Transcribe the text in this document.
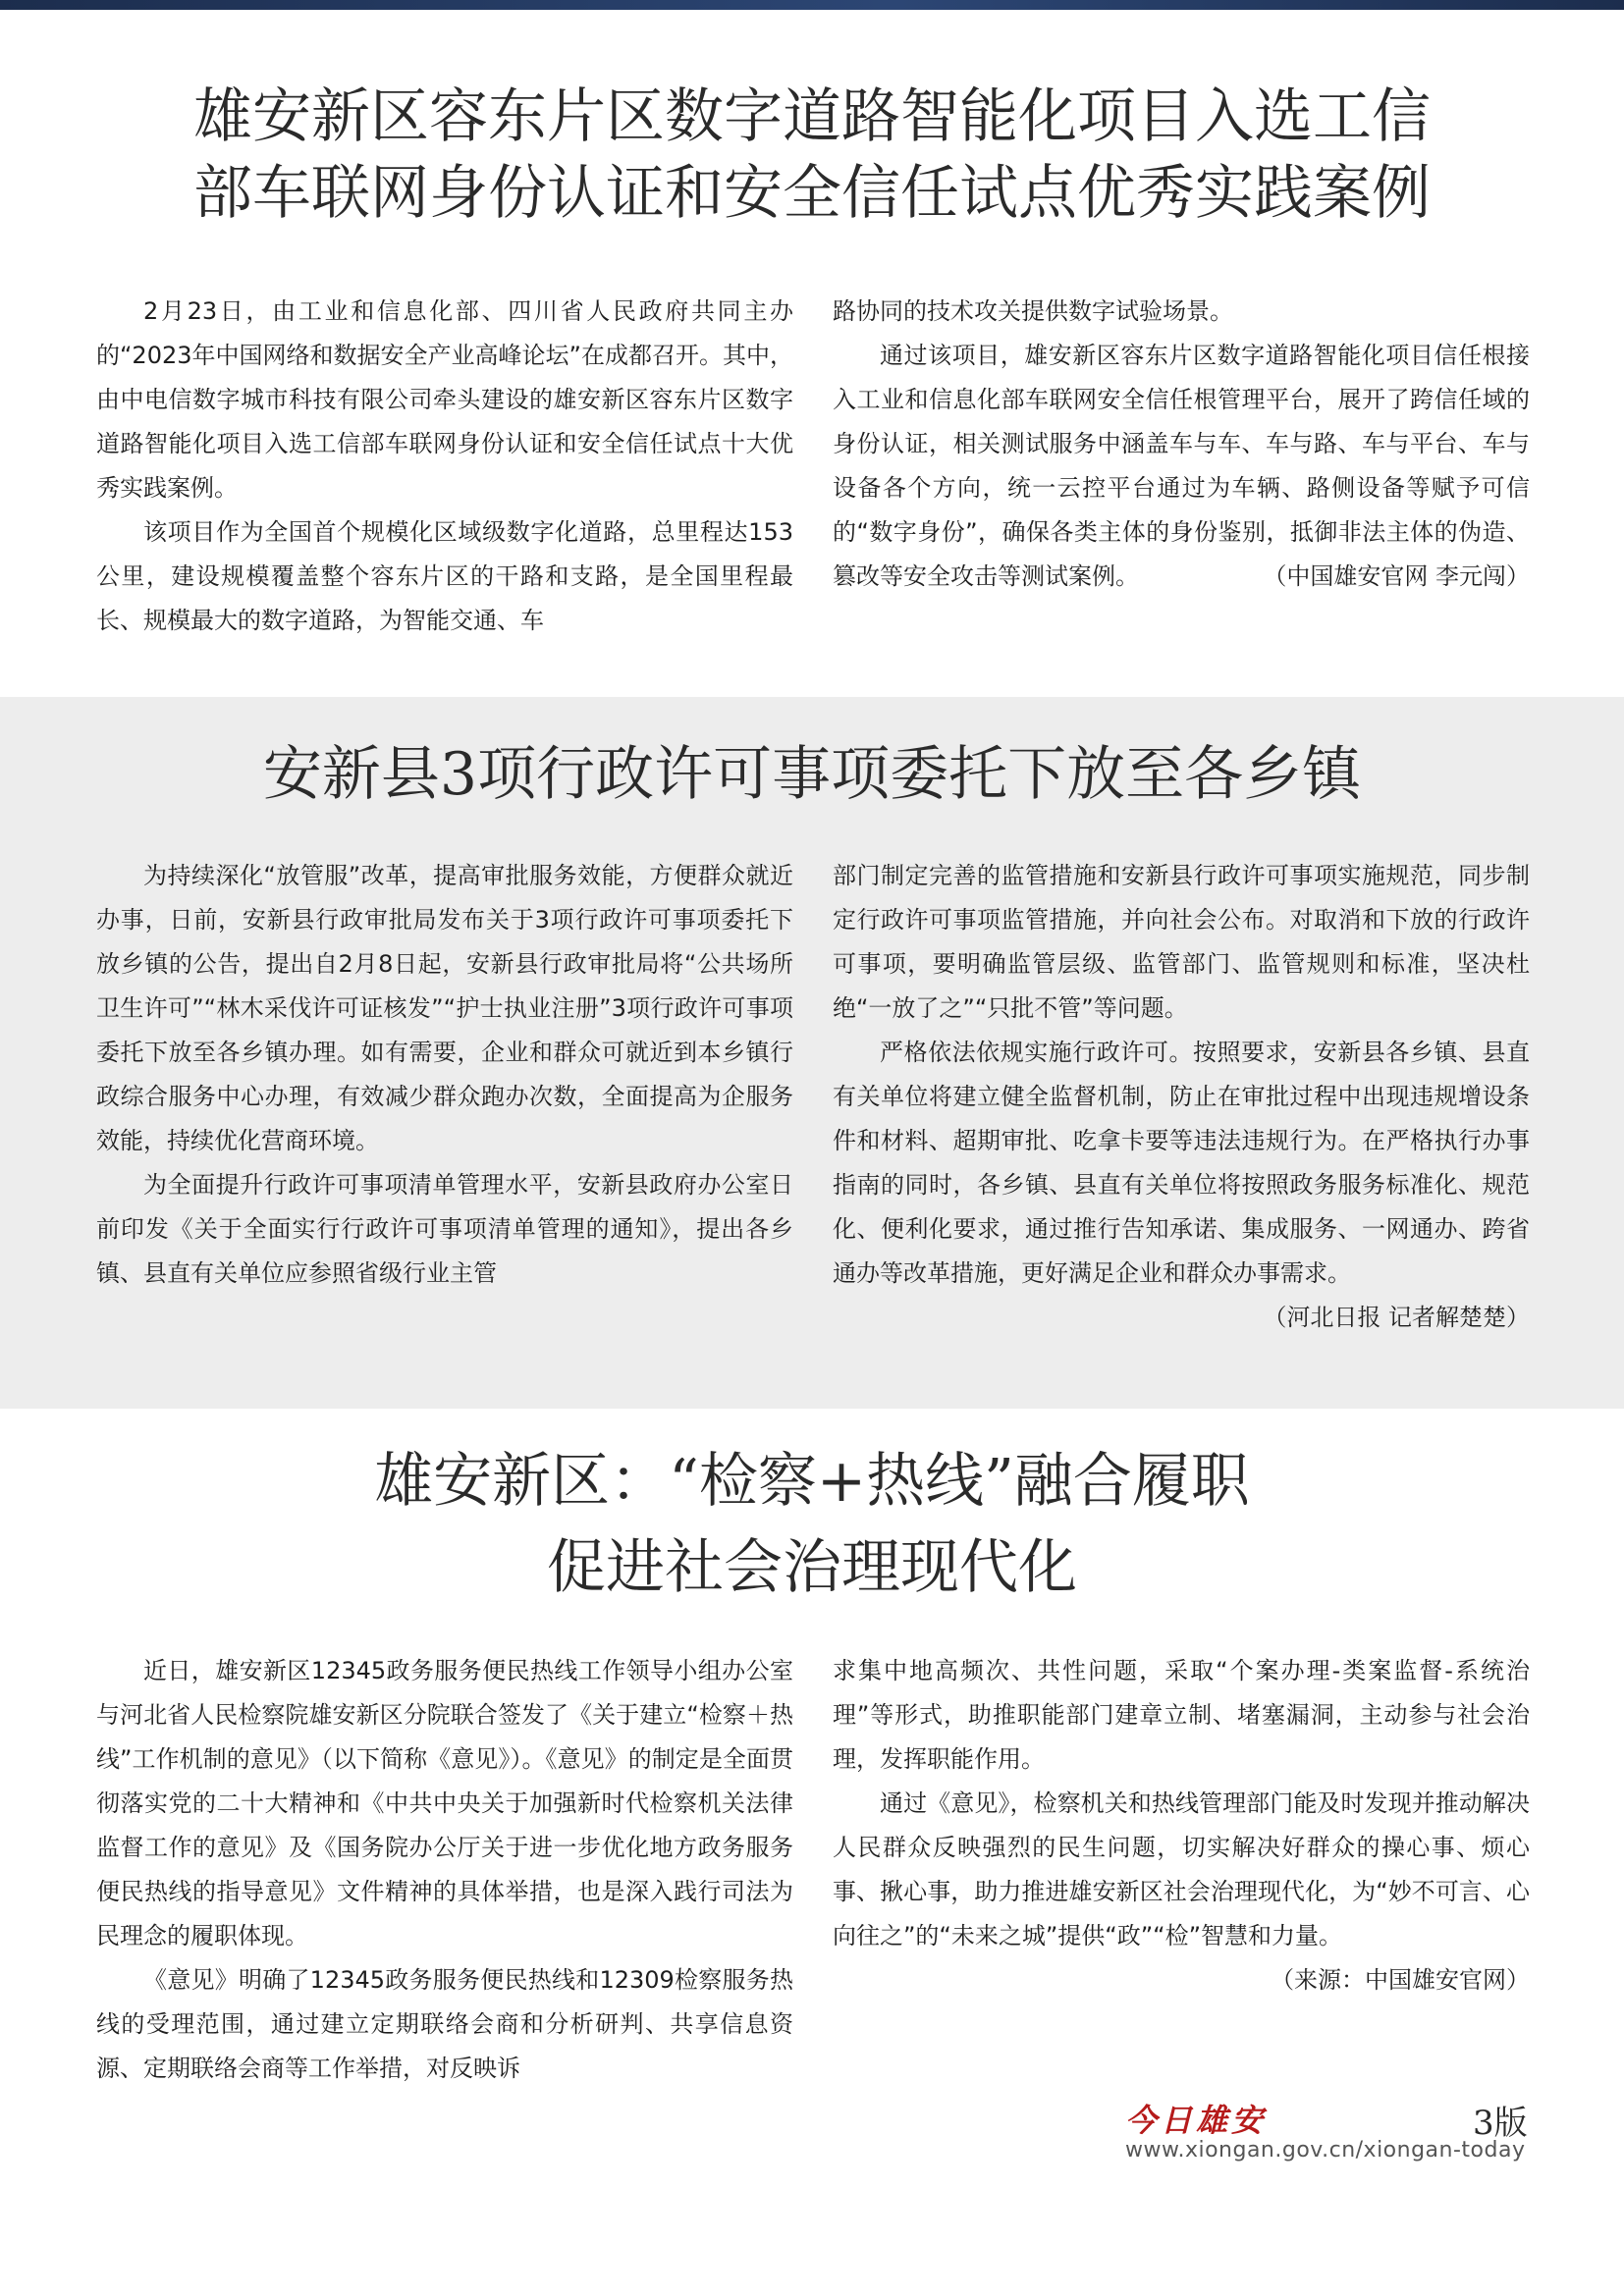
雄安新区容东片区数字道路智能化项目入选工信
部车联网身份认证和安全信任试点优秀实践案例

2月23日，由工业和信息化部、四川省人民政府共同主办的“2023年中国网络和数据安全产业高峰论坛”在成都召开。其中，由中电信数字城市科技有限公司牵头建设的雄安新区容东片区数字道路智能化项目入选工信部车联网身份认证和安全信任试点十大优秀实践案例。

该项目作为全国首个规模化区域级数字化道路，总里程达153公里，建设规模覆盖整个容东片区的干路和支路，是全国里程最长、规模最大的数字道路，为智能交通、车

路协同的技术攻关提供数字试验场景。

通过该项目，雄安新区容东片区数字道路智能化项目信任根接入工业和信息化部车联网安全信任根管理平台，展开了跨信任域的身份认证，相关测试服务中涵盖车与车、车与路、车与平台、车与设备各个方向，统一云控平台通过为车辆、路侧设备等赋予可信的“数字身份”，确保各类主体的身份鉴别，抵御非法主体的伪造、篡改等安全攻击等测试案例。	（中国雄安官网 李元闯）

安新县3项行政许可事项委托下放至各乡镇

为持续深化“放管服”改革，提高审批服务效能，方便群众就近办事，日前，安新县行政审批局发布关于3项行政许可事项委托下放乡镇的公告，提出自2月8日起，安新县行政审批局将“公共场所卫生许可”“林木采伐许可证核发”“护士执业注册”3项行政许可事项委托下放至各乡镇办理。如有需要，企业和群众可就近到本乡镇行政综合服务中心办理，有效减少群众跑办次数，全面提高为企服务效能，持续优化营商环境。

为全面提升行政许可事项清单管理水平，安新县政府办公室日前印发《关于全面实行行政许可事项清单管理的通知》，提出各乡镇、县直有关单位应参照省级行业主管

部门制定完善的监管措施和安新县行政许可事项实施规范，同步制定行政许可事项监管措施，并向社会公布。对取消和下放的行政许可事项，要明确监管层级、监管部门、监管规则和标准，坚决杜绝“一放了之”“只批不管”等问题。

严格依法依规实施行政许可。按照要求，安新县各乡镇、县直有关单位将建立健全监督机制，防止在审批过程中出现违规增设条件和材料、超期审批、吃拿卡要等违法违规行为。在严格执行办事指南的同时，各乡镇、县直有关单位将按照政务服务标准化、规范化、便利化要求，通过推行告知承诺、集成服务、一网通办、跨省通办等改革措施，更好满足企业和群众办事需求。
（河北日报 记者解楚楚）

雄安新区：“检察+热线”融合履职
促进社会治理现代化

近日，雄安新区12345政务服务便民热线工作领导小组办公室与河北省人民检察院雄安新区分院联合签发了《关于建立“检察＋热线”工作机制的意见》（以下简称《意见》）。《意见》的制定是全面贯彻落实党的二十大精神和《中共中央关于加强新时代检察机关法律监督工作的意见》及《国务院办公厅关于进一步优化地方政务服务便民热线的指导意见》文件精神的具体举措，也是深入践行司法为民理念的履职体现。

《意见》明确了12345政务服务便民热线和12309检察服务热线的受理范围，通过建立定期联络会商和分析研判、共享信息资源、定期联络会商等工作举措，对反映诉

求集中地高频次、共性问题，采取“个案办理-类案监督-系统治理”等形式，助推职能部门建章立制、堵塞漏洞，主动参与社会治理，发挥职能作用。

通过《意见》，检察机关和热线管理部门能及时发现并推动解决人民群众反映强烈的民生问题，切实解决好群众的操心事、烦心事、揪心事，助力推进雄安新区社会治理现代化，为“妙不可言、心向往之”的“未来之城”提供“政”“检”智慧和力量。

（来源：中国雄安官网）

今日雄安	3版
www.xiongan.gov.cn/xiongan-today
